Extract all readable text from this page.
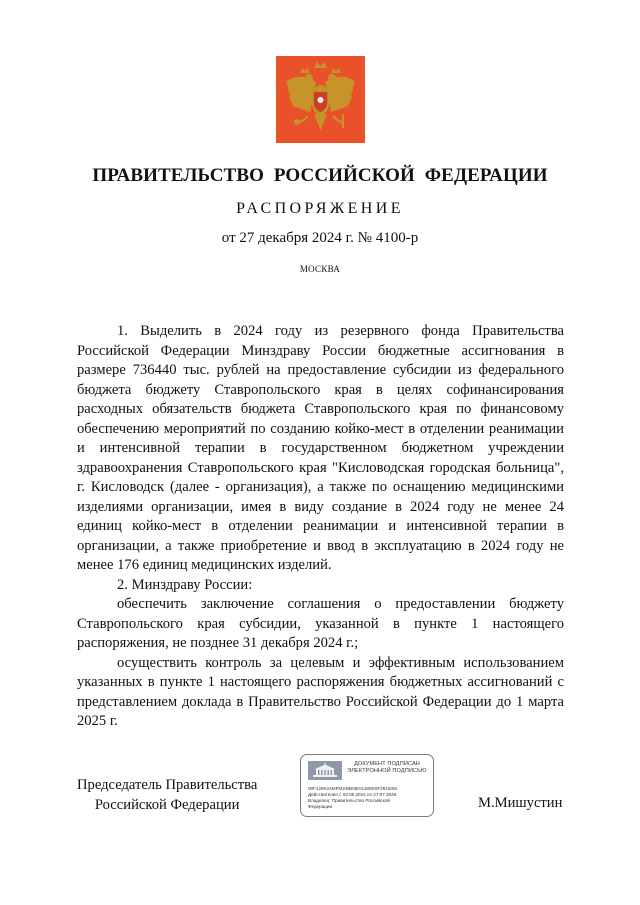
ПРАВИТЕЛЬСТВО РОССИЙСКОЙ ФЕДЕРАЦИИ
РАСПОРЯЖЕНИЕ
от 27 декабря 2024 г. № 4100-р
МОСКВА

1. Выделить в 2024 году из резервного фонда Правительства Российской Федерации Минздраву России бюджетные ассигнования в размере 736440 тыс. рублей на предоставление субсидии из федерального бюджета бюджету Ставропольского края в целях софинансирования расходных обязательств бюджета Ставропольского края по финансовому обеспечению мероприятий по созданию койко-мест в отделении реанимации и интенсивной терапии в государственном бюджетном учреждении здравоохранения Ставропольского края "Кисловодская городская больница", г. Кисловодск (далее - организация), а также по оснащению медицинскими изделиями организации, имея в виду создание в 2024 году не менее 24 единиц койко-мест в отделении реанимации и интенсивной терапии в организации, а также приобретение и ввод в эксплуатацию в 2024 году не менее 176 единиц медицинских изделий.

2. Минздраву России:

обеспечить заключение соглашения о предоставлении бюджету Ставропольского края субсидии, указанной в пункте 1 настоящего распоряжения, не позднее 31 декабря 2024 г.;

осуществить контроль за целевым и эффективным использованием указанных в пункте 1 настоящего распоряжения бюджетных ассигнований с представлением доклада в Правительство Российской Федерации до 1 марта 2025 г.

Председатель Правительства
Российской Федерации	М.Мишустин
ДОКУМЕНТ ПОДПИСАН
ЭЛЕКТРОННОЙ ПОДПИСЬЮ
00F129K24MFM24BE5E01189D0F26160M
Действителен с 03.05.2024 по 27.07.2025
Владелец: Правительство Российской
Федерации
